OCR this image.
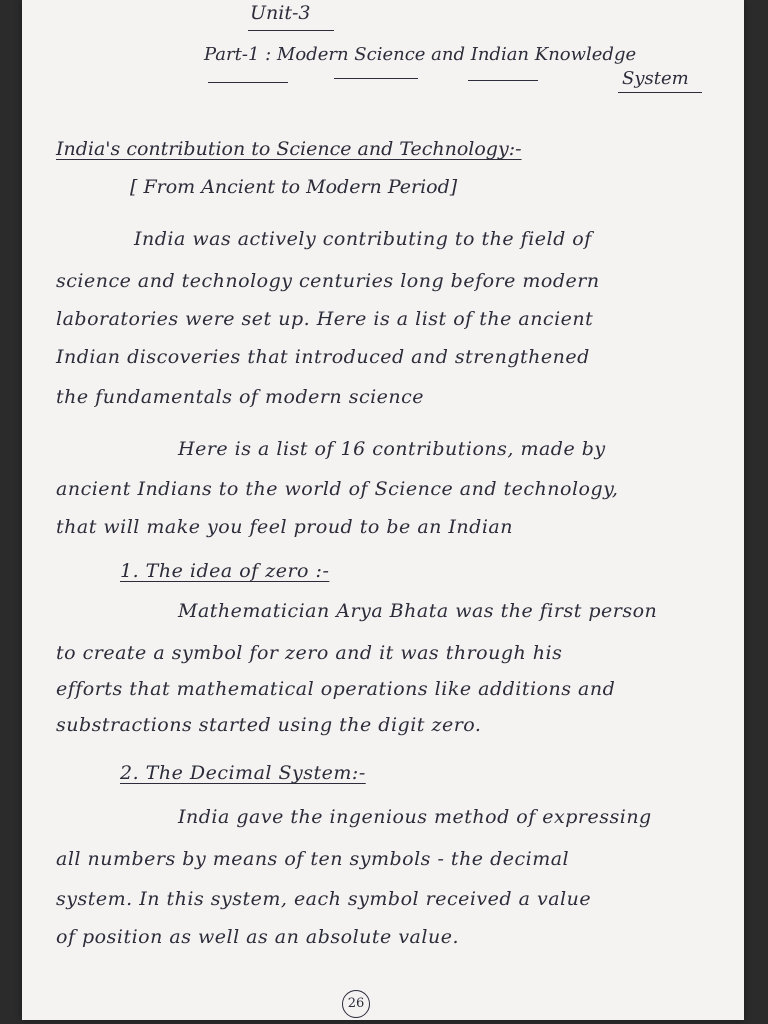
Unit-3
Part-1 : Modern Science and Indian Knowledge
System
India's contribution to Science and Technology:-
[ From Ancient to Modern Period]
India was actively contributing to the field of
science and technology centuries long before modern
laboratories were set up. Here is a list of the ancient
Indian discoveries that introduced and strengthened
the fundamentals of modern science
Here is a list of 16 contributions, made by
ancient Indians to the world of Science and technology,
that will make you feel proud to be an Indian
1. The idea of zero :-
Mathematician Arya Bhata was the first person
to create a symbol for zero and it was through his
efforts that mathematical operations like additions and
substractions started using the digit zero.
2. The Decimal System:-
India gave the ingenious method of expressing
all numbers by means of ten symbols - the decimal
system. In this system, each symbol received a value
of position as well as an absolute value.
26
